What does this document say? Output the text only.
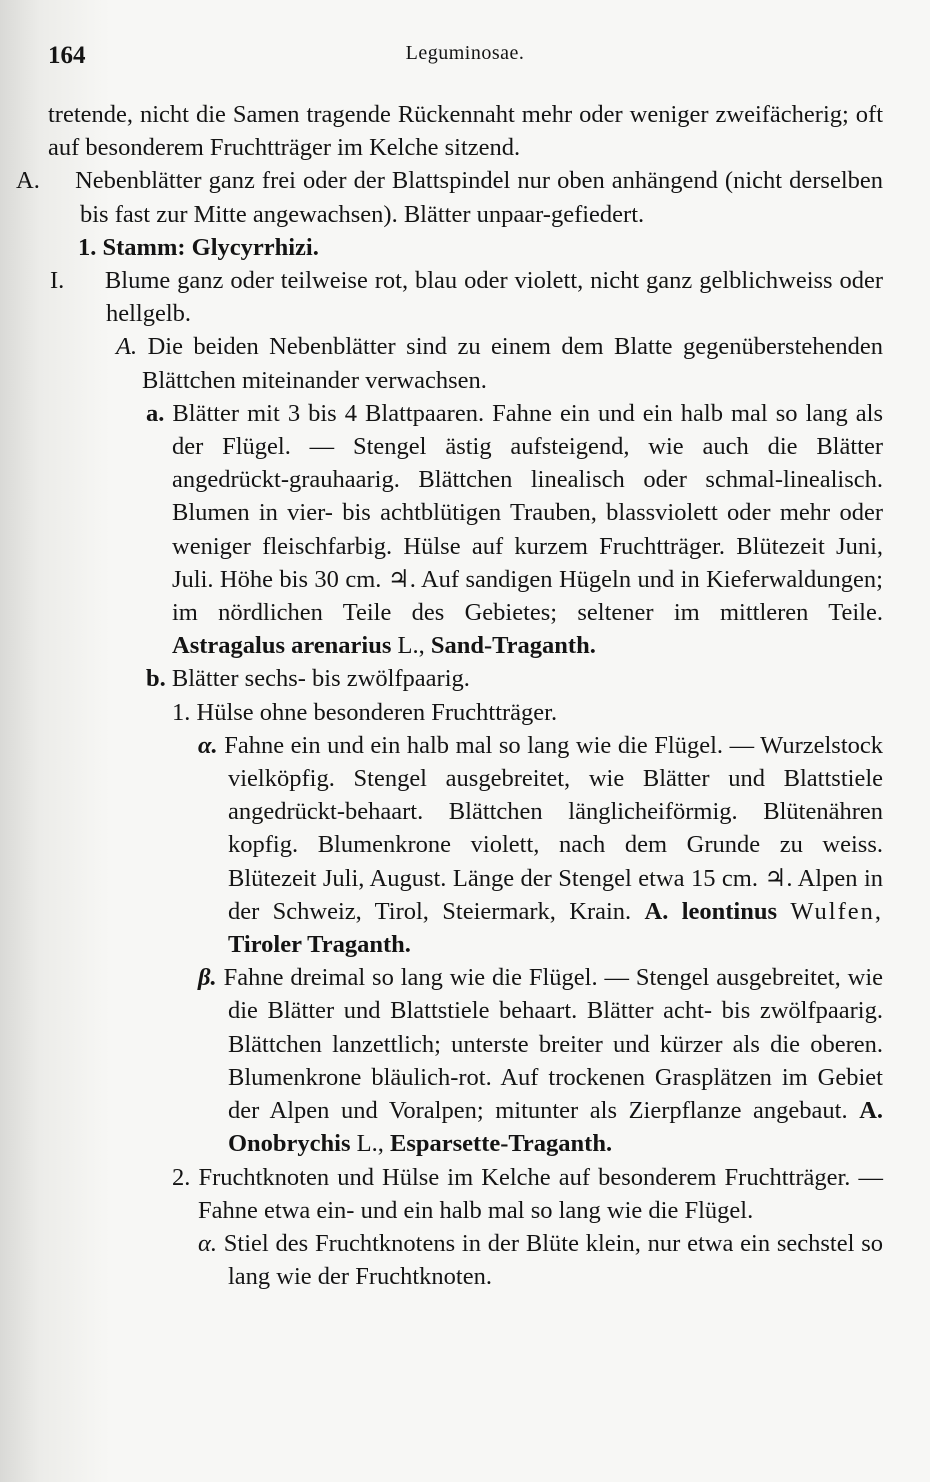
164	Leguminosae.

tretende, nicht die Samen tragende Rückennaht mehr oder weniger zweifächerig; oft auf besonderem Fruchtträger im Kelche sitzend.

A. Nebenblätter ganz frei oder der Blattspindel nur oben anhängend (nicht derselben bis fast zur Mitte angewachsen). Blätter unpaar-gefiedert.

1. Stamm: Glycyrrhizi.

I. Blume ganz oder teilweise rot, blau oder violett, nicht ganz gelblichweiss oder hellgelb.

A. Die beiden Nebenblätter sind zu einem dem Blatte gegenüberstehenden Blättchen miteinander verwachsen.

a. Blätter mit 3 bis 4 Blattpaaren. Fahne ein und ein halb mal so lang als der Flügel. — Stengel ästig aufsteigend, wie auch die Blätter angedrückt-grauhaarig. Blättchen linealisch oder schmal-linealisch. Blumen in vier- bis achtblütigen Trauben, blassviolett oder mehr oder weniger fleischfarbig. Hülse auf kurzem Fruchtträger. Blütezeit Juni, Juli. Höhe bis 30 cm. ♃. Auf sandigen Hügeln und in Kieferwaldungen; im nördlichen Teile des Gebietes; seltener im mittleren Teile. Astragalus arenarius L., Sand-Traganth.

b. Blätter sechs- bis zwölfpaarig.

1. Hülse ohne besonderen Fruchtträger.

α. Fahne ein und ein halb mal so lang wie die Flügel. — Wurzelstock vielköpfig. Stengel ausgebreitet, wie Blätter und Blattstiele angedrückt-behaart. Blättchen länglicheiförmig. Blütenähren kopfig. Blumenkrone violett, nach dem Grunde zu weiss. Blütezeit Juli, August. Länge der Stengel etwa 15 cm. ♃. Alpen in der Schweiz, Tirol, Steiermark, Krain. A. leontinus Wulfen, Tiroler Traganth.

β. Fahne dreimal so lang wie die Flügel. — Stengel ausgebreitet, wie die Blätter und Blattstiele behaart. Blätter acht- bis zwölfpaarig. Blättchen lanzettlich; unterste breiter und kürzer als die oberen. Blumenkrone bläulich-rot. Auf trockenen Grasplätzen im Gebiet der Alpen und Voralpen; mitunter als Zierpflanze angebaut. A. Onobrychis L., Esparsette-Traganth.

2. Fruchtknoten und Hülse im Kelche auf besonderem Fruchtträger. — Fahne etwa ein- und ein halb mal so lang wie die Flügel.

α. Stiel des Fruchtknotens in der Blüte klein, nur etwa ein sechstel so lang wie der Fruchtknoten.
